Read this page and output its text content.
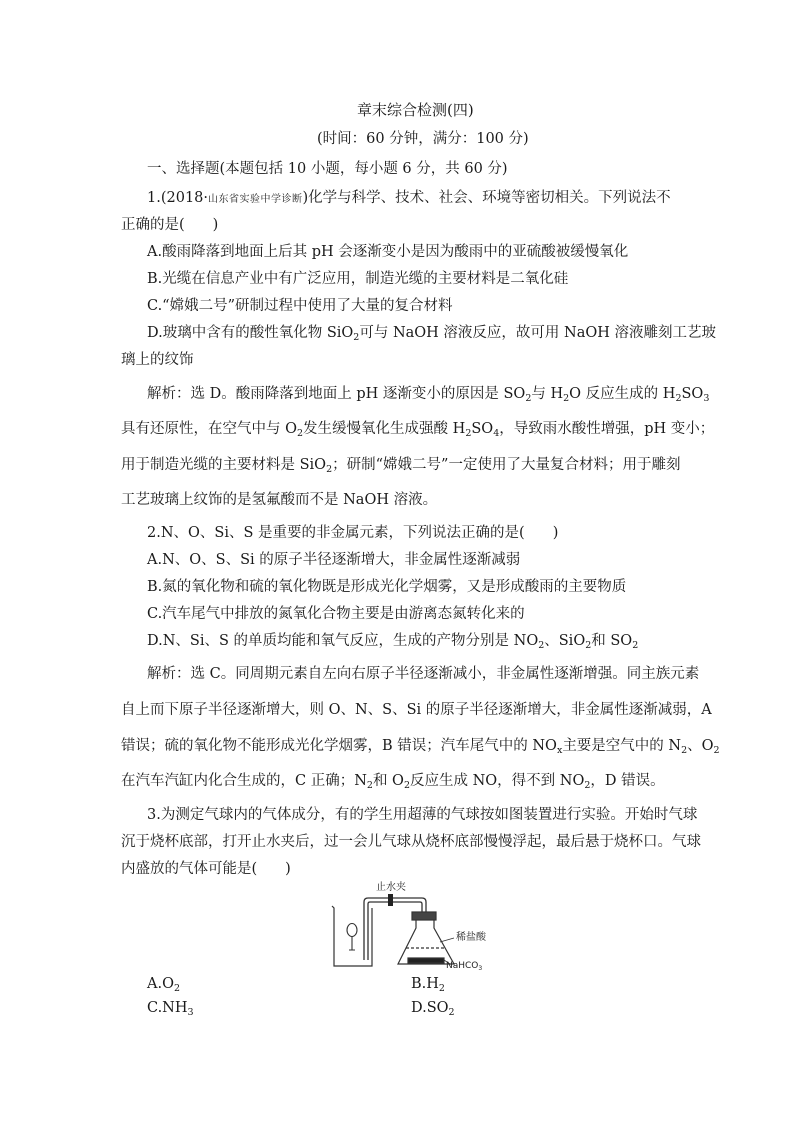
章末综合检测(四)
(时间：60 分钟，满分：100 分)
一、选择题(本题包括 10 小题，每小题 6 分，共 60 分)
1.(2018·山东省实验中学诊断)化学与科学、技术、社会、环境等密切相关。下列说法不
正确的是( )
A.酸雨降落到地面上后其 pH 会逐渐变小是因为酸雨中的亚硫酸被缓慢氧化
B.光缆在信息产业中有广泛应用，制造光缆的主要材料是二氧化硅
C.“嫦娥二号”研制过程中使用了大量的复合材料
D.玻璃中含有的酸性氧化物 SiO$_2$可与 NaOH 溶液反应，故可用 NaOH 溶液雕刻工艺玻
璃上的纹饰
解析：选 D。酸雨降落到地面上 pH 逐渐变小的原因是 $SO_2$与 $H_2O$ 反应生成的 $H_2SO_3$
具有还原性，在空气中与 $O_2$发生缓慢氧化生成强酸 $H_2SO_4$，导致雨水酸性增强，pH 变小；
用于制造光缆的主要材料是 SiO$_2$；研制“嫦娥二号”一定使用了大量复合材料；用于雕刻
工艺玻璃上纹饰的是氢氟酸而不是 NaOH 溶液。
2.N、O、Si、S 是重要的非金属元素，下列说法正确的是( )
A.N、O、S、Si 的原子半径逐渐增大，非金属性逐渐减弱
B.氮的氧化物和硫的氧化物既是形成光化学烟雾，又是形成酸雨的主要物质
C.汽车尾气中排放的氮氧化合物主要是由游离态氮转化来的
D.N、Si、S 的单质均能和氧气反应，生成的产物分别是 $NO_2$、SiO$_2$和 $SO_2$
解析：选 C。同周期元素自左向右原子半径逐渐减小，非金属性逐渐增强。同主族元素
自上而下原子半径逐渐增大，则 O、N、S、Si 的原子半径逐渐增大，非金属性逐渐减弱，A
错误；硫的氧化物不能形成光化学烟雾，B 错误；汽车尾气中的 $NO_x$主要是空气中的 $N_2$、$O_2$
在汽车汽缸内化合生成的，C 正确；$N_2$和 $O_2$反应生成 NO，得不到 $NO_2$，D 错误。
3.为测定气球内的气体成分，有的学生用超薄的气球按如图装置进行实验。开始时气球
沉于烧杯底部，打开止水夹后，过一会儿气球从烧杯底部慢慢浮起，最后悬于烧杯口。气球
内盛放的气体可能是( )
止水夹
稀盐酸
NaHCO$_3$
$A.O_2$	$B.H_2$
$C.NH_3$	$D.SO_2$
